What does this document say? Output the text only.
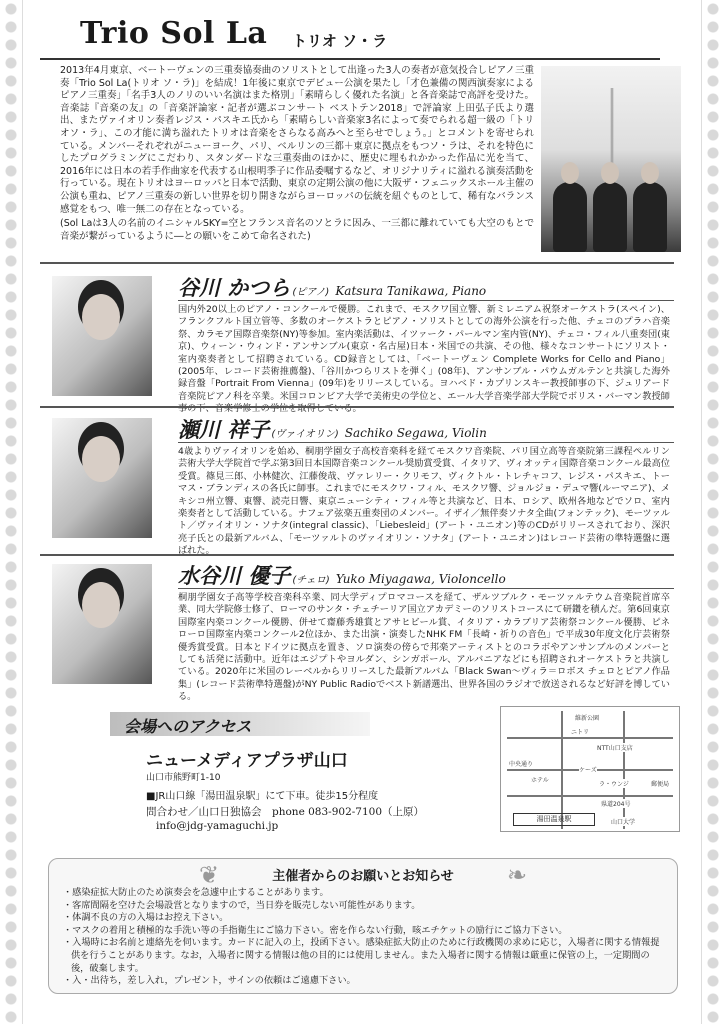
Trio Sol La トリオ ソ・ラ

2013年4月東京、ベートーヴェンの三重奏協奏曲のソリストとして出逢った3人の奏者が意気投合しピアノ三重奏「Trio Sol La(トリオ ソ・ラ)」を結成！1年後に東京でデビュー公演を果たし「才色兼備の関西演奏家によるピアノ三重奏」「名手3人のノリのいい名演はまた格別」「素晴らしく優れた名演」と各音楽誌で高評を受けた。音楽誌『音楽の友』の「音楽評論家・記者が選ぶコンサート ベストテン2018」で評論家 上田弘子氏より選出、またヴァイオリン奏者レジス・パスキエ氏から「素晴らしい音楽家3名によって奏でられる超一級の「トリオソ・ラ」、この才能に満ち溢れたトリオは音楽をさらなる高みへと至らせでしょう。」とコメントを寄せられている。メンバーそれぞれがニューヨーク、パリ、ベルリンの三都＋東京に拠点をもつソ・ラは、それを特色にしたプログラミングにこだわり、スタンダードな三重奏曲のほかに、歴史に埋もれかかった作品に光を当て、2016年には日本の若手作曲家を代表する山根明季子に作品委嘱するなど、オリジナリティに溢れる演奏活動を行っている。現在トリオはヨーロッパと日本で活動、東京の定期公演の他に大阪ザ・フェニックスホール主催の公演も重ね、ピアノ三重奏の新しい世界を切り開きながらヨーロッパの伝統を紐ぐものとして、稀有なバランス感覚をもつ、唯一無二の存在となっている。

(Sol Laは3人の名前のイニシャルSKY=空とフランス音名のソとラに因み、一三都に離れていても大空のもとで音楽が繋がっているように―との願いをこめて命名された)

谷川 かつら (ピアノ) Katsura Tanikawa, Piano
国内外20以上のピアノ・コンクールで優勝。これまで、モスクワ国立響、新ミレニアム祝祭オーケストラ(スペイン)、フランクフルト国立管等、多数のオーケストラとピアノ・ソリストとしての海外公演を行った他、チェコのプラハ音楽祭、カラモア国際音楽祭(NY)等参加。室内楽活動は、イツァーク・パールマン室内管(NY)、チェコ・フィル八重奏団(東京)、ウィーン・ウィンド・アンサンブル(東京・名古屋)日本・米国での共演、その他、様々なコンサートにソリスト・室内楽奏者として招聘されている。CD録音としては、「ベートーヴェン Complete Works for Cello and Piano」(2005年、レコード芸術推薦盤)、「谷川かつらリストを弾く」(08年)、アンサンブル・パウムガルテンと共演した海外録音盤「Portrait From Vienna」(09年)をリリースしている。ヨハベド・カプリンスキー教授師事の下、ジュリアード音楽院ピアノ科を卒業。米国コロンビア大学で美術史の学位と、エール大学音楽学部大学院でボリス・バーマン教授師事の下、音楽学修士の学位を取得している。
瀬川 祥子 (ヴァイオリン) Sachiko Segawa, Violin
4歳よりヴァイオリンを始め、桐朋学園女子高校音楽科を経てモスクワ音楽院、パリ国立高等音楽院第三課程ペルリン芸術大学大学院首で学ぶ第3回日本国際音楽コンクール奨励賞受賞、イタリア、ヴィオッティ国際音楽コンクール最高位受賞。篠見三郎、小林健次、江藤俊哉、ヴァレリー・クリモフ、ヴィクトル・トレチャコフ、レジス・パスキエ、トーマス・ブランディスの各氏に師事。これまでにモスクワ・フィル、モスクワ響、ジョルジョ・デュマ響(ルーマニア)、メキシコ州立響、東響、読売日響、東京ニューシティ・フィル等と共演など、日本、ロシア、欧州各地などでソロ、室内楽奏者として活動している。ナフェア弦楽五重奏団のメンバー。イザイ／無伴奏ソナタ全曲(フォンテック)、モーツァルト／ヴァイオリン・ソナタ(integral classic)、「Liebesleid」(アート・ユニオン)等のCDがリリースされており、深沢亮子氏との最新アルバム、「モーツァルトのヴァイオリン・ソナタ」(アート・ユニオン)はレコード芸術の準特選盤に選ばれた。
水谷川 優子 (チェロ) Yuko Miyagawa, Violoncello
桐朋学園女子高等学校音楽科卒業、同大学ディプロマコースを経て、ザルツブルク・モーツァルテウム音楽院首席卒業、同大学院修士修了、ローマのサンタ・チェチーリア国立アカデミーのソリストコースにて研鑽を積んだ。第6回東京国際室内楽コンクール優勝、併せて齋藤秀雄賞とアサヒビール賞、イタリア・カラブリア芸術祭コンクール優勝、ピネローロ国際室内楽コンクール2位ほか、また出演・演奏したNHK FM「長崎・祈りの音色」で平成30年度文化庁芸術祭優秀賞受賞。日本とドイツに拠点を置き、ソロ演奏の傍らで邦楽アーティストとのコラボやアンサンブルのメンバーとしても活発に活動中。近年はエジプトやヨルダン、シンガポール、アルバニアなどにも招聘されオーケストラと共演している。2020年に米国のレーベルからリリースした最新アルバム「Black Swan～ヴィラ＝ロボス チェロとピアノ作品集」(レコード芸術準特選盤)がNY Public Radioでベスト新譜選出、世界各国のラジオで放送されるなど好評を博している。
会場へのアクセス
ニューメディアプラザ山口
山口市熊野町1-10
■JR山口線「湯田温泉駅」にて下車。徒歩15分程度
問合わせ／山口日独協会　phone 083-902-7100（上原）
info@jdg-yamaguchi.jp
維新公園
ニトリ
NTT山口支店
ホテル
郵便局
中央通り
県道204号
ラ・ウンジ
ケーズ
山口大学
湯田温泉駅
❦	❧
主催者からのお願いとお知らせ
・感染症拡大防止のため演奏会を急遽中止することがあります。
・客席間隔を空けた会場設営となりますので，当日券を販売しない可能性があります。
・体調不良の方の入場はお控え下さい。
・マスクの着用と積極的な手洗い等の手指衛生にご協力下さい。密を作らない行動，咳エチケットの励行にご協力下さい。
・入場時にお名前と連絡先を伺います。カードに記入の上，投函下さい。感染症拡大防止のために行政機関の求めに応じ，入場者に関する情報提供を行うことがあります。なお，入場者に関する情報は他の目的には使用しません。また入場者に関する情報は厳重に保管の上，一定期間の後，破棄します。
・入・出待ち，差し入れ，プレゼント，サインの依頼はご遠慮下さい。
